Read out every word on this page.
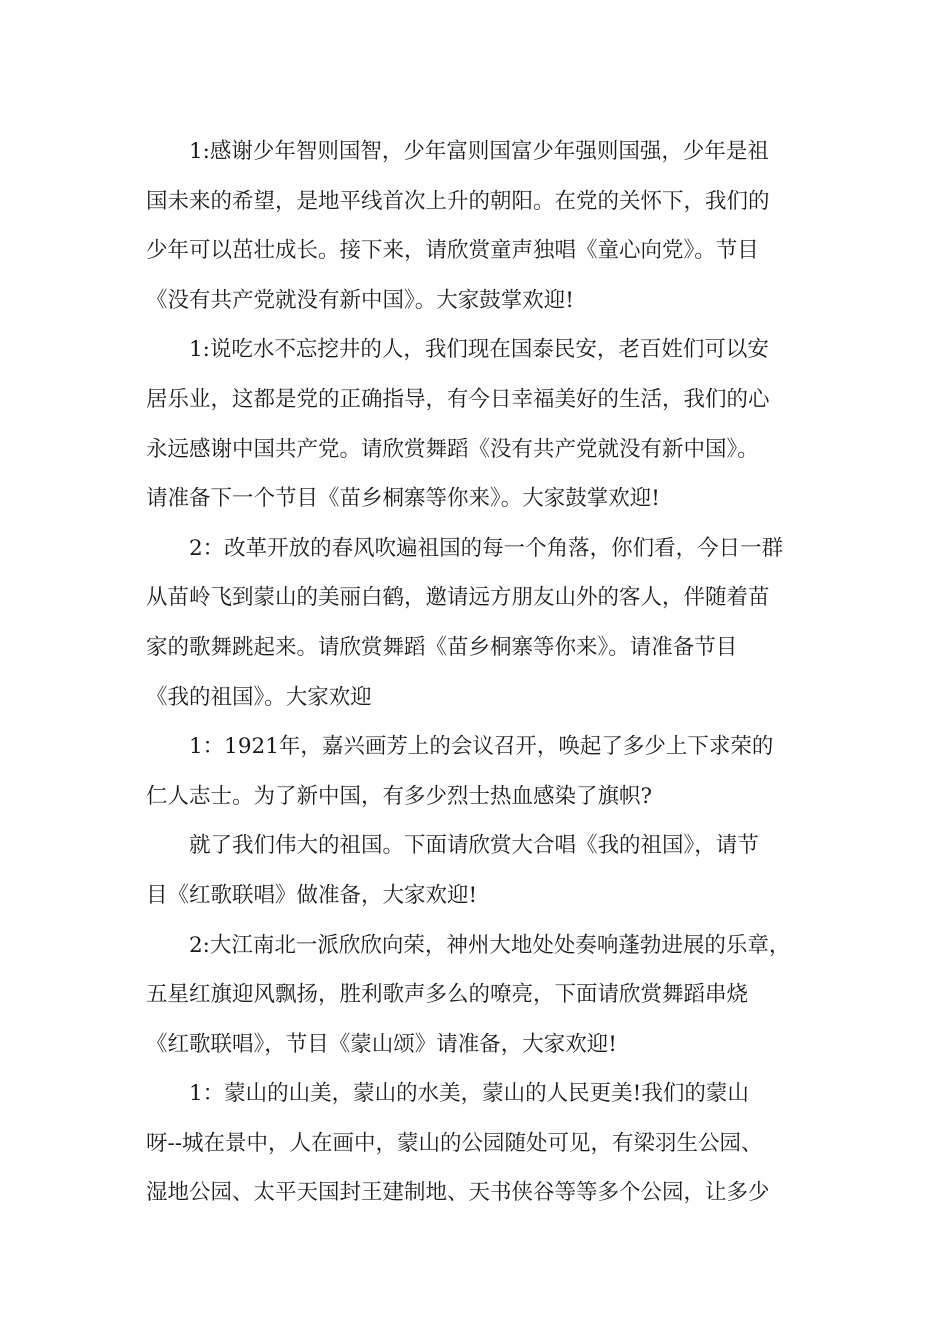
1:感谢少年智则国智，少年富则国富少年强则国强，少年是祖
国未来的希望，是地平线首次上升的朝阳。在党的关怀下，我们的
少年可以茁壮成长。接下来，请欣赏童声独唱《童心向党》。节目
《没有共产党就没有新中国》。大家鼓掌欢迎!
1:说吃水不忘挖井的人，我们现在国泰民安，老百姓们可以安
居乐业，这都是党的正确指导，有今日幸福美好的生活，我们的心
永远感谢中国共产党。请欣赏舞蹈《没有共产党就没有新中国》。
请准备下一个节目《苗乡桐寨等你来》。大家鼓掌欢迎!
2：改革开放的春风吹遍祖国的每一个角落，你们看，今日一群
从苗岭飞到蒙山的美丽白鹤，邀请远方朋友山外的客人，伴随着苗
家的歌舞跳起来。请欣赏舞蹈《苗乡桐寨等你来》。请准备节目
《我的祖国》。大家欢迎
1：1921年，嘉兴画芳上的会议召开，唤起了多少上下求荣的
仁人志士。为了新中国，有多少烈士热血感染了旗帜?
就了我们伟大的祖国。下面请欣赏大合唱《我的祖国》，请节
目《红歌联唱》做准备，大家欢迎!
2:大江南北一派欣欣向荣，神州大地处处奏响蓬勃进展的乐章，
五星红旗迎风飘扬，胜利歌声多么的嘹亮，下面请欣赏舞蹈串烧
《红歌联唱》，节目《蒙山颂》请准备，大家欢迎!
1：蒙山的山美，蒙山的水美，蒙山的人民更美!我们的蒙山
呀--城在景中，人在画中，蒙山的公园随处可见，有梁羽生公园、
湿地公园、太平天国封王建制地、天书侠谷等等多个公园，让多少
